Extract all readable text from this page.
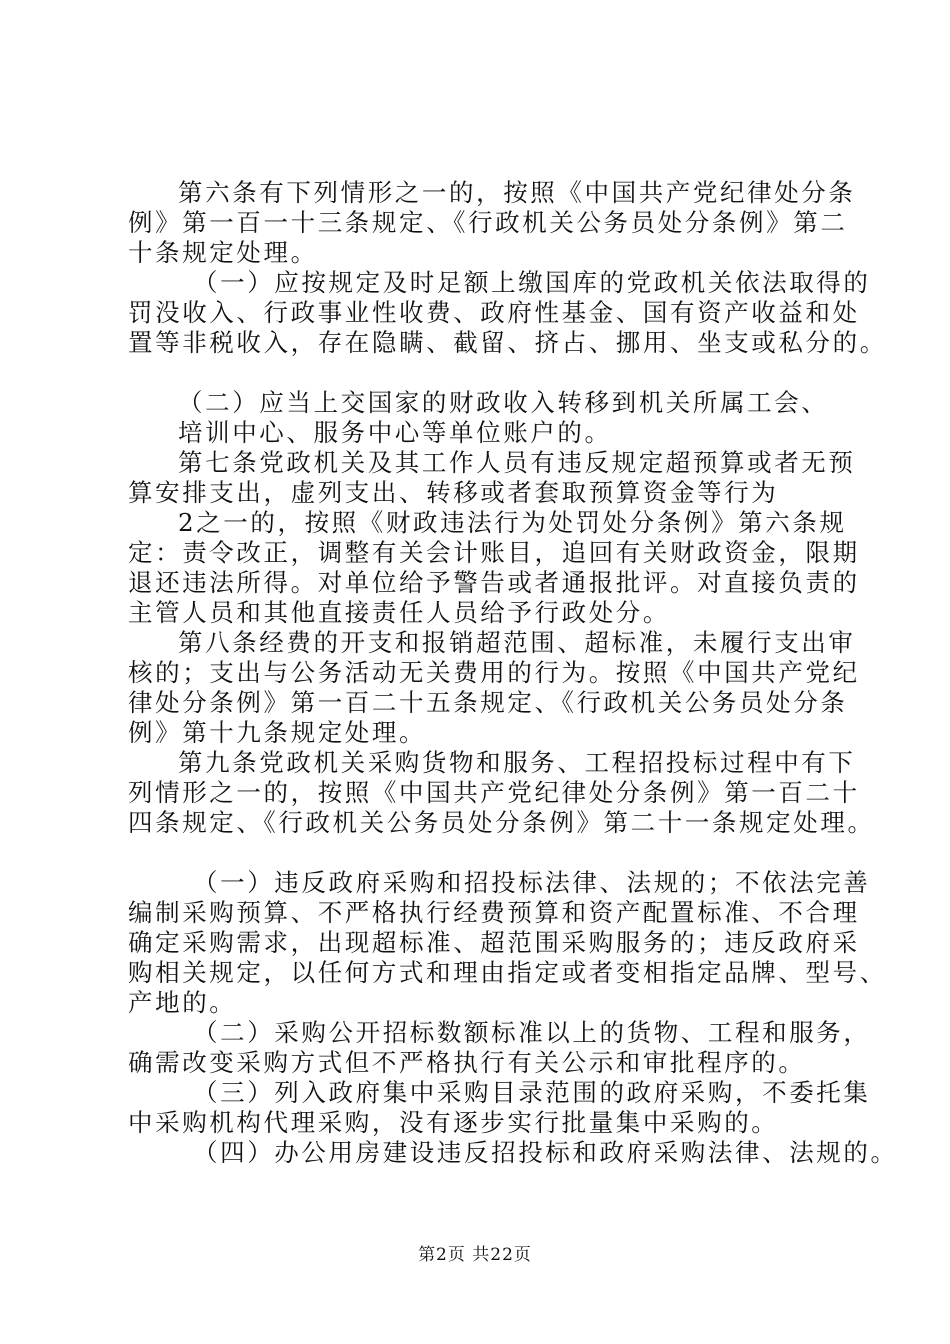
第六条有下列情形之一的，按照《中国共产党纪律处分条
例》第一百一十三条规定、《行政机关公务员处分条例》第二
十条规定处理。
（一）应按规定及时足额上缴国库的党政机关依法取得的
罚没收入、行政事业性收费、政府性基金、国有资产收益和处
置等非税收入，存在隐瞒、截留、挤占、挪用、坐支或私分的。
（二）应当上交国家的财政收入转移到机关所属工会、
培训中心、服务中心等单位账户的。
第七条党政机关及其工作人员有违反规定超预算或者无预
算安排支出，虚列支出、转移或者套取预算资金等行为
2之一的，按照《财政违法行为处罚处分条例》第六条规
定：责令改正，调整有关会计账目，追回有关财政资金，限期
退还违法所得。对单位给予警告或者通报批评。对直接负责的
主管人员和其他直接责任人员给予行政处分。
第八条经费的开支和报销超范围、超标准，未履行支出审
核的；支出与公务活动无关费用的行为。按照《中国共产党纪
律处分条例》第一百二十五条规定、《行政机关公务员处分条
例》第十九条规定处理。
第九条党政机关采购货物和服务、工程招投标过程中有下
列情形之一的，按照《中国共产党纪律处分条例》第一百二十
四条规定、《行政机关公务员处分条例》第二十一条规定处理。
（一）违反政府采购和招投标法律、法规的；不依法完善
编制采购预算、不严格执行经费预算和资产配置标准、不合理
确定采购需求，出现超标准、超范围采购服务的；违反政府采
购相关规定，以任何方式和理由指定或者变相指定品牌、型号、
产地的。
（二）采购公开招标数额标准以上的货物、工程和服务，
确需改变采购方式但不严格执行有关公示和审批程序的。
（三）列入政府集中采购目录范围的政府采购，不委托集
中采购机构代理采购，没有逐步实行批量集中采购的。
（四）办公用房建设违反招投标和政府采购法律、法规的。
第2页 共22页
